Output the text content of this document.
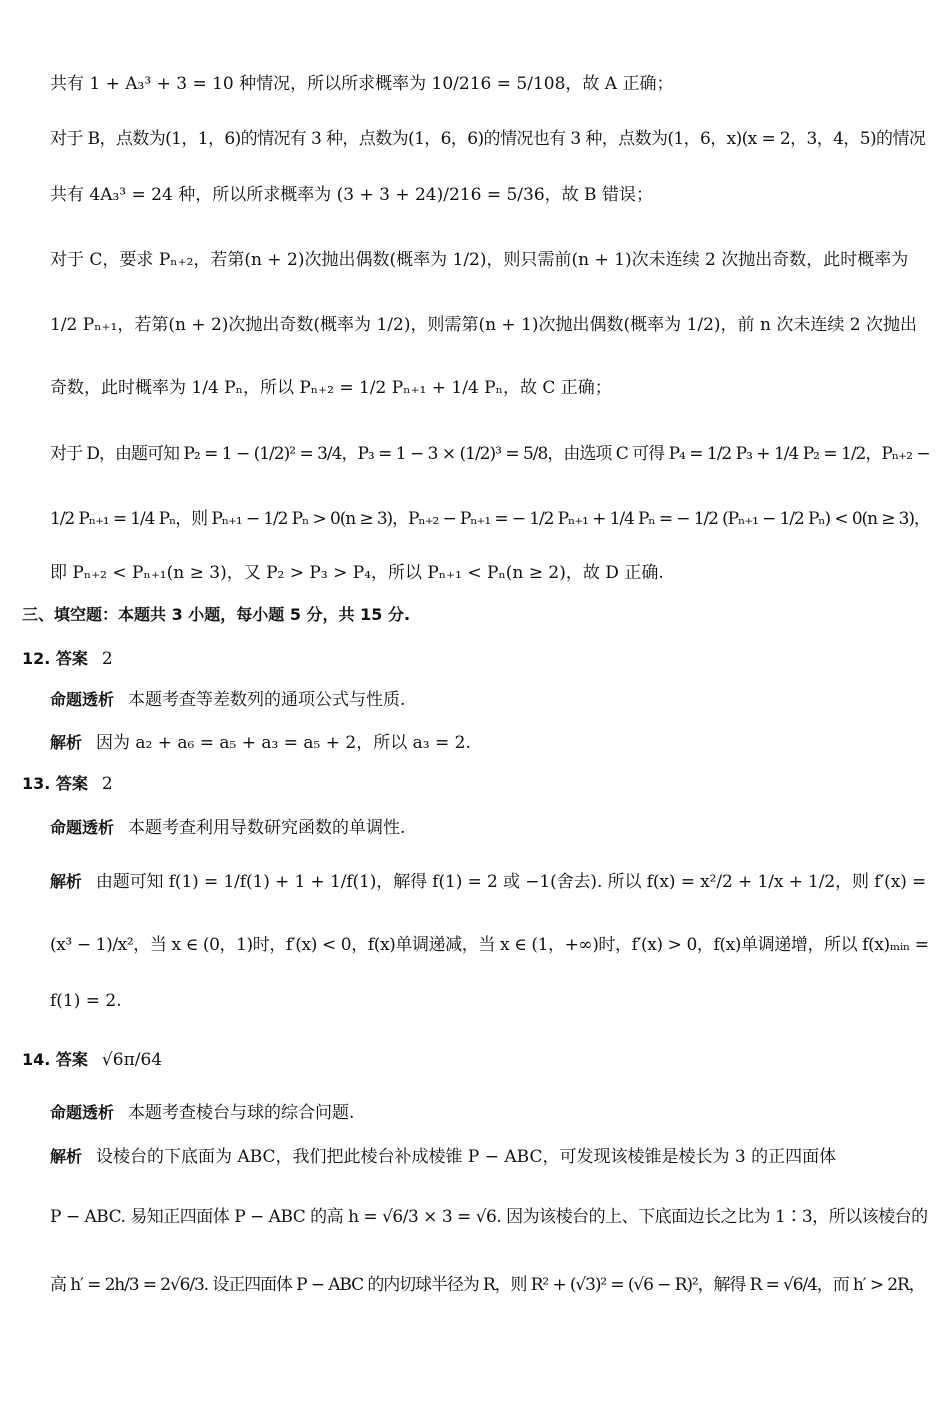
共有 1 + A₃³ + 3 = 10 种情况，所以所求概率为 10/216 = 5/108，故 A 正确；
对于 B，点数为(1，1，6)的情况有 3 种，点数为(1，6，6)的情况也有 3 种，点数为(1，6，x)(x = 2，3，4，5)的情况
共有 4A₃³ = 24 种，所以所求概率为 (3 + 3 + 24)/216 = 5/36，故 B 错误；
对于 C，要求 Pₙ₊₂，若第(n + 2)次抛出偶数(概率为 1/2)，则只需前(n + 1)次未连续 2 次抛出奇数，此时概率为
1/2 Pₙ₊₁，若第(n + 2)次抛出奇数(概率为 1/2)，则需第(n + 1)次抛出偶数(概率为 1/2)，前 n 次未连续 2 次抛出
奇数，此时概率为 1/4 Pₙ，所以 Pₙ₊₂ = 1/2 Pₙ₊₁ + 1/4 Pₙ，故 C 正确；
对于 D，由题可知 P₂ = 1 − (1/2)² = 3/4，P₃ = 1 − 3 × (1/2)³ = 5/8，由选项 C 可得 P₄ = 1/2 P₃ + 1/4 P₂ = 1/2，Pₙ₊₂ −
1/2 Pₙ₊₁ = 1/4 Pₙ，则 Pₙ₊₁ − 1/2 Pₙ > 0(n ≥ 3)，Pₙ₊₂ − Pₙ₊₁ = − 1/2 Pₙ₊₁ + 1/4 Pₙ = − 1/2 (Pₙ₊₁ − 1/2 Pₙ) < 0(n ≥ 3)，
即 Pₙ₊₂ < Pₙ₊₁(n ≥ 3)，又 P₂ > P₃ > P₄，所以 Pₙ₊₁ < Pₙ(n ≥ 2)，故 D 正确.
三、填空题：本题共 3 小题，每小题 5 分，共 15 分.
12. 答案 2
命题透析 本题考查等差数列的通项公式与性质.
解析 因为 a₂ + a₆ = a₅ + a₃ = a₅ + 2，所以 a₃ = 2.
13. 答案 2
命题透析 本题考查利用导数研究函数的单调性.
解析 由题可知 f(1) = 1/f(1) + 1 + 1/f(1)，解得 f(1) = 2 或 −1(舍去). 所以 f(x) = x²/2 + 1/x + 1/2，则 f′(x) =
(x³ − 1)/x²，当 x ∈ (0，1)时，f′(x) < 0，f(x)单调递减，当 x ∈ (1，+∞)时，f′(x) > 0，f(x)单调递增，所以 f(x)ₘᵢₙ =
f(1) = 2.
14. 答案 √6π/64
命题透析 本题考查棱台与球的综合问题.
解析 设棱台的下底面为 ABC，我们把此棱台补成棱锥 P − ABC，可发现该棱锥是棱长为 3 的正四面体
P − ABC. 易知正四面体 P − ABC 的高 h = √6/3 × 3 = √6. 因为该棱台的上、下底面边长之比为 1∶3，所以该棱台的
高 h′ = 2h/3 = 2√6/3. 设正四面体 P − ABC 的内切球半径为 R，则 R² + (√3)² = (√6 − R)²，解得 R = √6/4，而 h′ > 2R，
